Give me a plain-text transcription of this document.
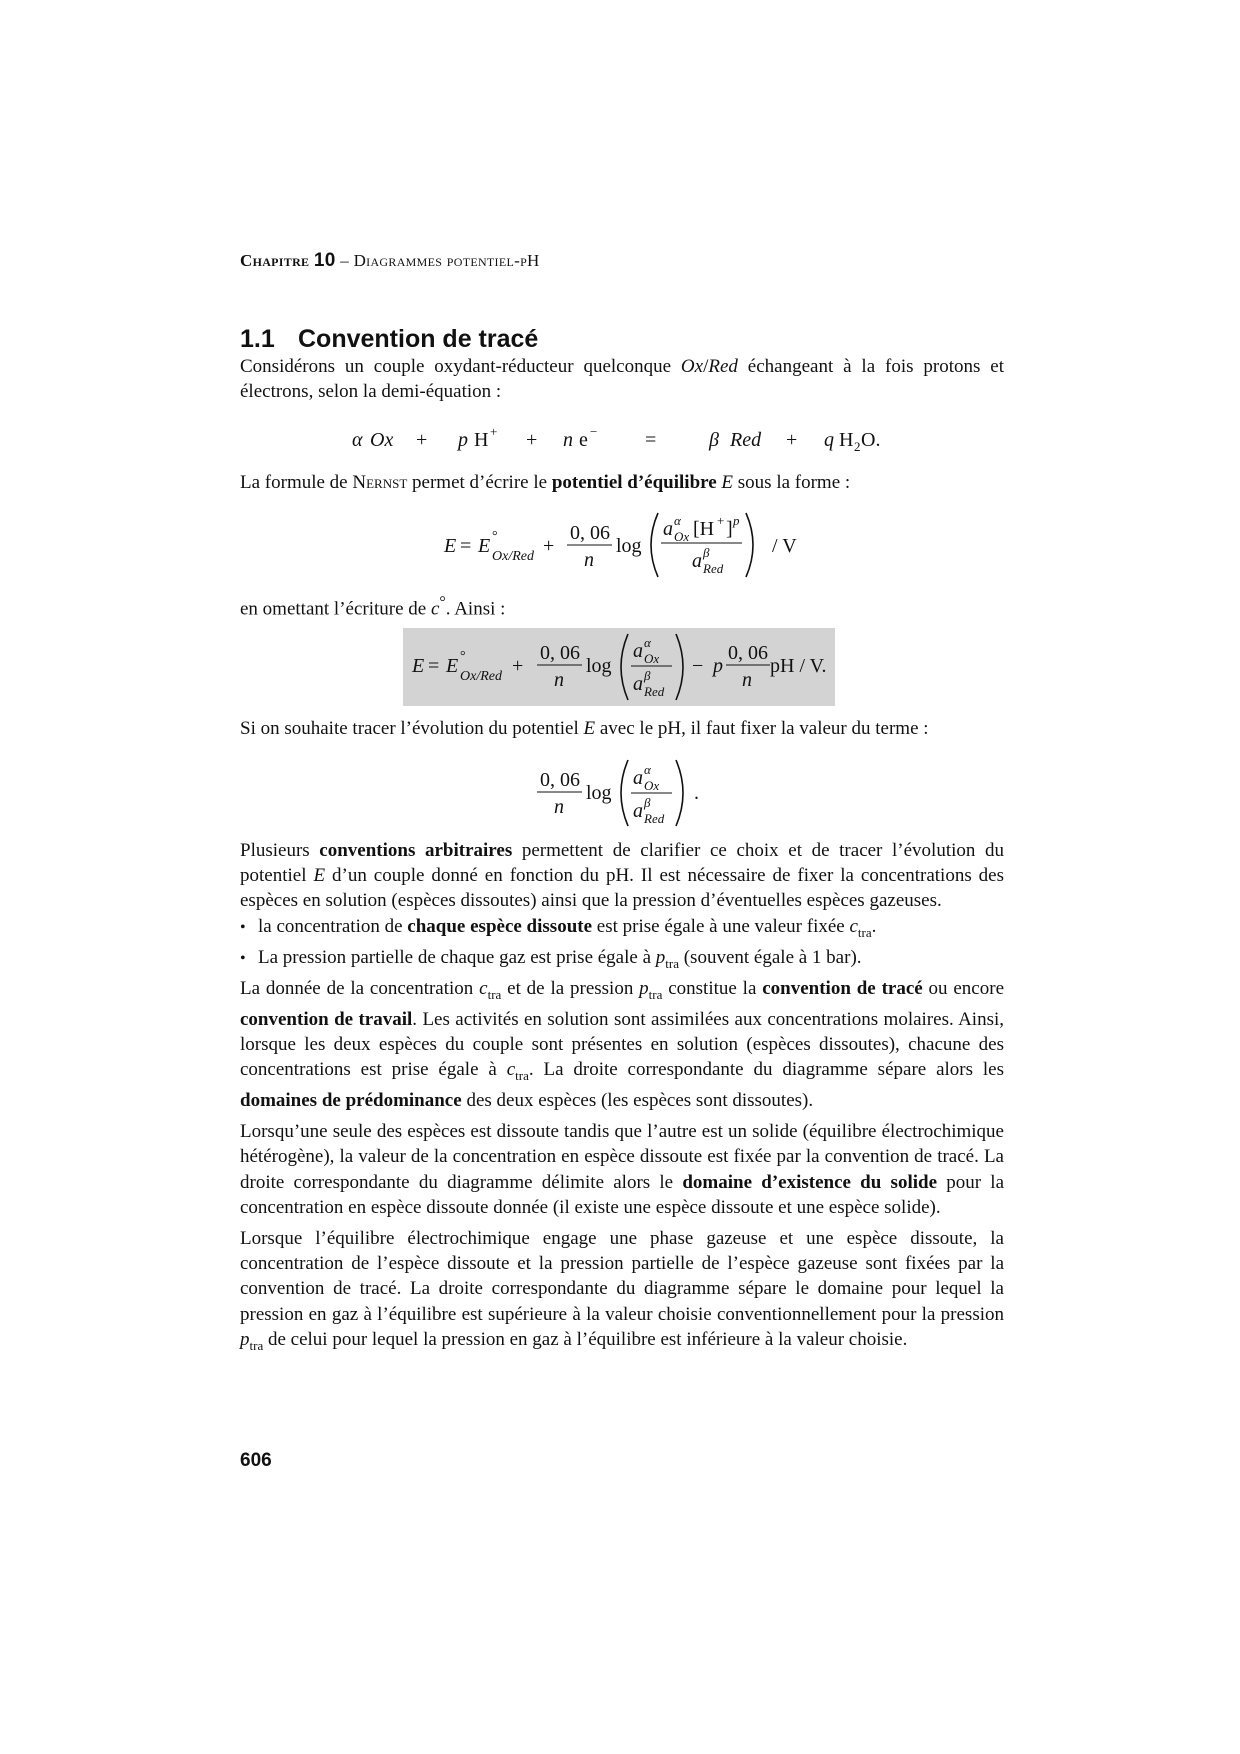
Chapitre 10 – Diagrammes potentiel-pH
1.1 Convention de tracé

Considérons un couple oxydant-réducteur quelconque Ox/Red échangeant à la fois protons et électrons, selon la demi-équation :

α Ox + p H + + n e − =	β Red + q H 2 O.

La formule de Nernst permet d’écrire le potentiel d’équilibre E sous la forme :

E = E °
Ox/Red +
0, 06
n
log
a α
Ox [H + ] p
a β
Red
/ V

en omettant l’écriture de c°. Ainsi :

E = E °
Ox/Red +
0, 06
n
log
a α
Ox
a β
Red
− p
0, 06
n
pH / V.

Si on souhaite tracer l’évolution du potentiel E avec le pH, il faut fixer la valeur du terme :

0, 06
n
log
a α
Ox
a β
Red
.

Plusieurs conventions arbitraires permettent de clarifier ce choix et de tracer l’évolution du potentiel E d’un couple donné en fonction du pH. Il est nécessaire de fixer la concentrations des espèces en solution (espèces dissoutes) ainsi que la pression d’éventuelles espèces gazeuses.

• la concentration de chaque espèce dissoute est prise égale à une valeur fixée $c_{tra}$.
• La pression partielle de chaque gaz est prise égale à $p_{tra}$ (souvent égale à 1 bar).

La donnée de la concentration $c_{tra}$ et de la pression $p_{tra}$ constitue la convention de tracé ou encore convention de travail. Les activités en solution sont assimilées aux concentrations molaires. Ainsi, lorsque les deux espèces du couple sont présentes en solution (espèces dissoutes), chacune des concentrations est prise égale à $c_{tra}$. La droite correspondante du diagramme sépare alors les domaines de prédominance des deux espèces (les espèces sont dissoutes).

Lorsqu’une seule des espèces est dissoute tandis que l’autre est un solide (équilibre électrochimique hétérogène), la valeur de la concentration en espèce dissoute est fixée par la convention de tracé. La droite correspondante du diagramme délimite alors le domaine d’existence du solide pour la concentration en espèce dissoute donnée (il existe une espèce dissoute et une espèce solide).

Lorsque l’équilibre électrochimique engage une phase gazeuse et une espèce dissoute, la concentration de l’espèce dissoute et la pression partielle de l’espèce gazeuse sont fixées par la convention de tracé. La droite correspondante du diagramme sépare le domaine pour lequel la pression en gaz à l’équilibre est supérieure à la valeur choisie conventionnellement pour la pression $p_{tra}$ de celui pour lequel la pression en gaz à l’équilibre est inférieure à la valeur choisie.

606
